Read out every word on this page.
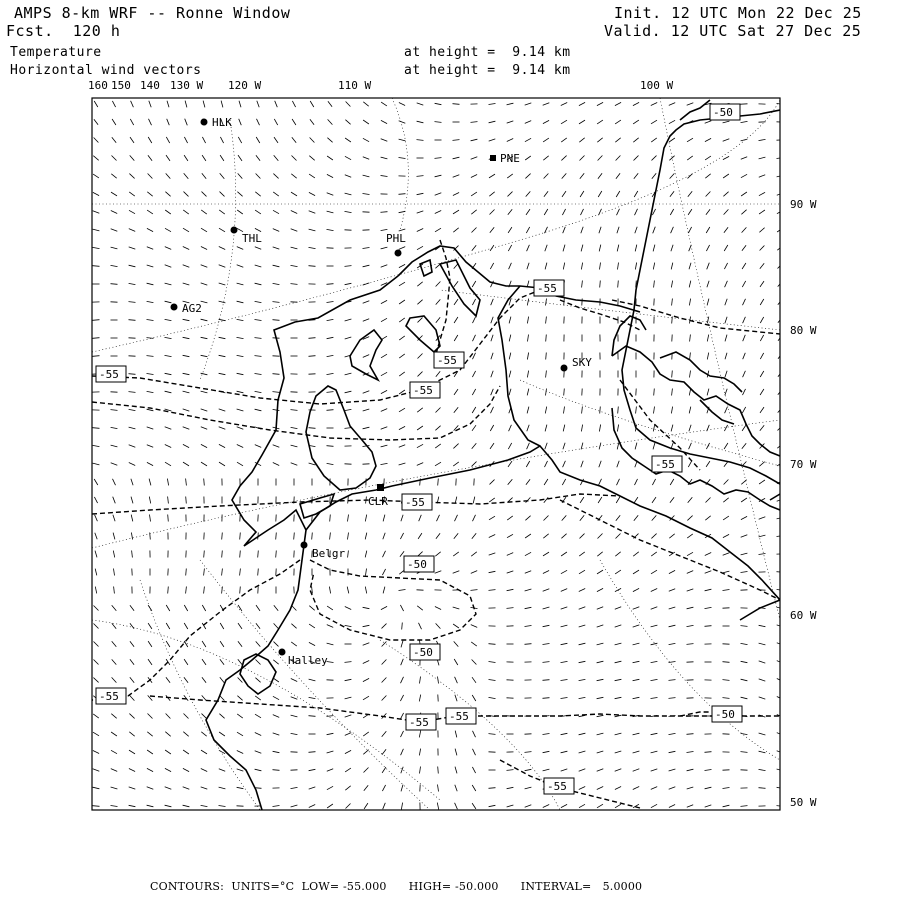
AMPS 8-km WRF -- Ronne Window
Fcst.  120 h
Init. 12 UTC Mon 22 Dec 25
Valid. 12 UTC Sat 27 Dec 25
Temperature
Horizontal wind vectors
at height =  9.14 km
at height =  9.14 km
160 150 140 130 W 120 W	110 W	100 W
90 W
80 W
70 W
60 W
50 W
HLK
PNE
THL	PHL
AG2
SKY
CLR
Belgr
Halley
-50
-55
-55
-55
-55
-55
-50
-50
-55
-55
-55
-50
-55
-55
CONTOURS:  UNITS=°C  LOW= -55.000      HIGH= -50.000      INTERVAL=   5.0000
